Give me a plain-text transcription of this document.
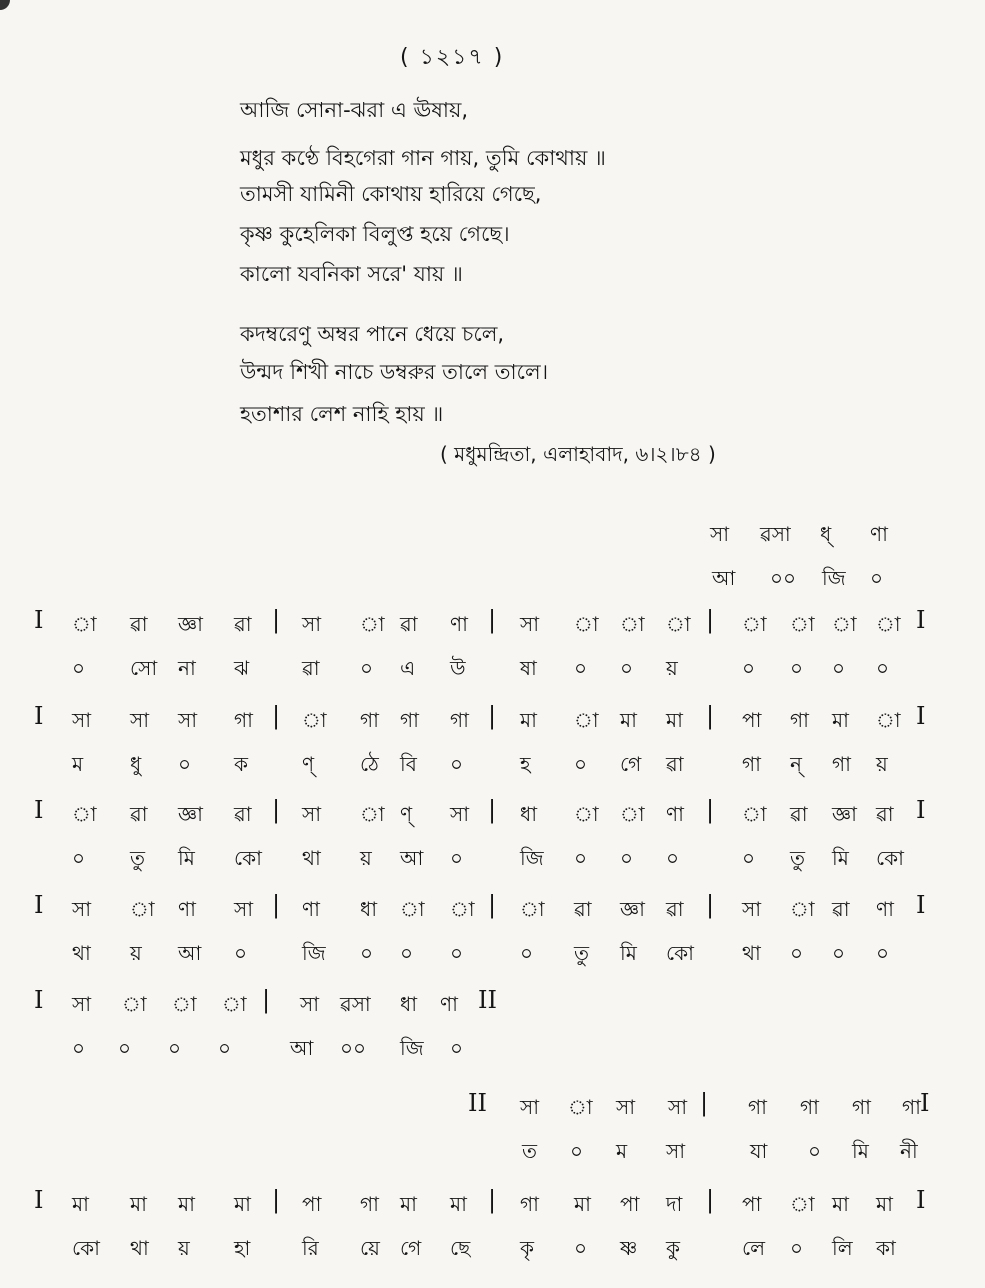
( ১২১৭ )
আজি সোনা-ঝরা এ ঊষায়,
মধুর কণ্ঠে বিহগেরা গান গায়, তুমি কোথায় ॥
তামসী যামিনী কোথায় হারিয়ে গেছে,
কৃষ্ণ কুহেলিকা বিলুপ্ত হয়ে গেছে।
কালো যবনিকা সরে' যায় ॥
কদম্বরেণু অম্বর পানে ধেয়ে চলে,
উন্মদ শিখী নাচে ডম্বরুর তালে তালে।
হতাশার লেশ নাহি হায় ॥
( মধুমন্দ্রিতা, এলাহাবাদ, ৬।২।৮৪ )
সা ৱসা ধ্ ণা
আ ০০ জি ০
I া ৱা জ্ঞা ৱা | সা া ৱা ণা | সা া া া | া া া া I
০ সো না ঝ	ৱা ০ এ উ	ষা ০ ০ য়	০ ০ ০ ০
I সা সা সা গা | া গা গা গা | মা া মা মা | পা গা মা া I
ম ধু ০ ক	ণ্ ঠে বি ০	হ ০ গে ৱা	গা ন্ গা য়
I া ৱা জ্ঞা ৱা | সা া ণ্ সা | ধা া া ণা | া ৱা জ্ঞা ৱা I
০ তু মি কো থা য় আ ০	জি ০ ০ ০	০ তু মি কো
I সা া ণা সা | ণা ধা া া | া ৱা জ্ঞা ৱা | সা া ৱা ণা I
থা য় আ ০	জি ০ ০ ০	০ তু মি কো থা ০ ০ ০
I সা া া া | সা ৱসা ধা ণা II
০ ০ ০ ০	আ ০০ জি ০
II সা া সা সা | গা গা গা গা I
ত ০ ম সা	যা ০ মি নী
I মা মা মা মা | পা গা মা মা | গা মা পা দা | পা া মা মা I
কো থা য় হা	রি য়ে গে ছে কৃ ০ ষ্ণ কু	লে ০ লি কা
